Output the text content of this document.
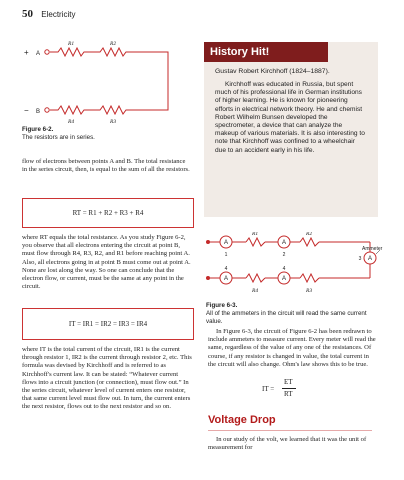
50 Electricity
+ A
− B
R1	R2
R4	R3
Figure 6-2.
The resistors are in series.
flow of electrons between points A and B. The total resistance in the series circuit, then, is equal to the sum of all the resistors.
RT = R1 + R2 + R3 + R4
where RT equals the total resistance. As you study Figure 6-2, you observe that all electrons entering the circuit at point B, must flow through R4, R3, R2, and R1 before reaching point A. Also, all electrons going in at point B must come out at point A. None are lost along the way. So one can conclude that the electron flow, or current, must be the same at any point in the circuit.
IT = IR1 = IR2 = IR3 = IR4
where IT is the total current of the circuit, IR1 is the current through resistor 1, IR2 is the current through resistor 2, etc. This formula was devised by Kirchhoff and is referred to as Kirchhoff's current law. It can be stated: “Whatever current flows into a circuit junction (or connection), must flow out.” In the series circuit, whatever level of current enters one resistor, that same current level must flow out. In turn, the current enters the next resistor, flows out to the next resistor and so on.
History Hit!
Gustav Robert Kirchhoff (1824–1887).
Kirchhoff was educated in Russia, but spent much of his professional life in German institutions of higher learning. He is known for pioneering efforts in electrical network theory. He and chemist Robert Wilhelm Bunsen developed the spectrometer, a device that can analyze the makeup of various materials. It is also interesting to note that Kirchhoff was confined to a wheelchair due to an accident early in his life.
A	A
A
A	A
1	2
3
4	4
R1	R2
R4	R3
Ammeter
Figure 6-3.
All of the ammeters in the circuit will read the same current value.
In Figure 6-3, the circuit of Figure 6-2 has been redrawn to include ammeters to measure current. Every meter will read the same, regardless of the value of any one of the resistances. Of course, if any resistor is changed in value, the total current in the circuit will also change. Ohm's law shows this to be true.
IT =
ET
RT
Voltage Drop
In our study of the volt, we learned that it was the unit of measurement for
